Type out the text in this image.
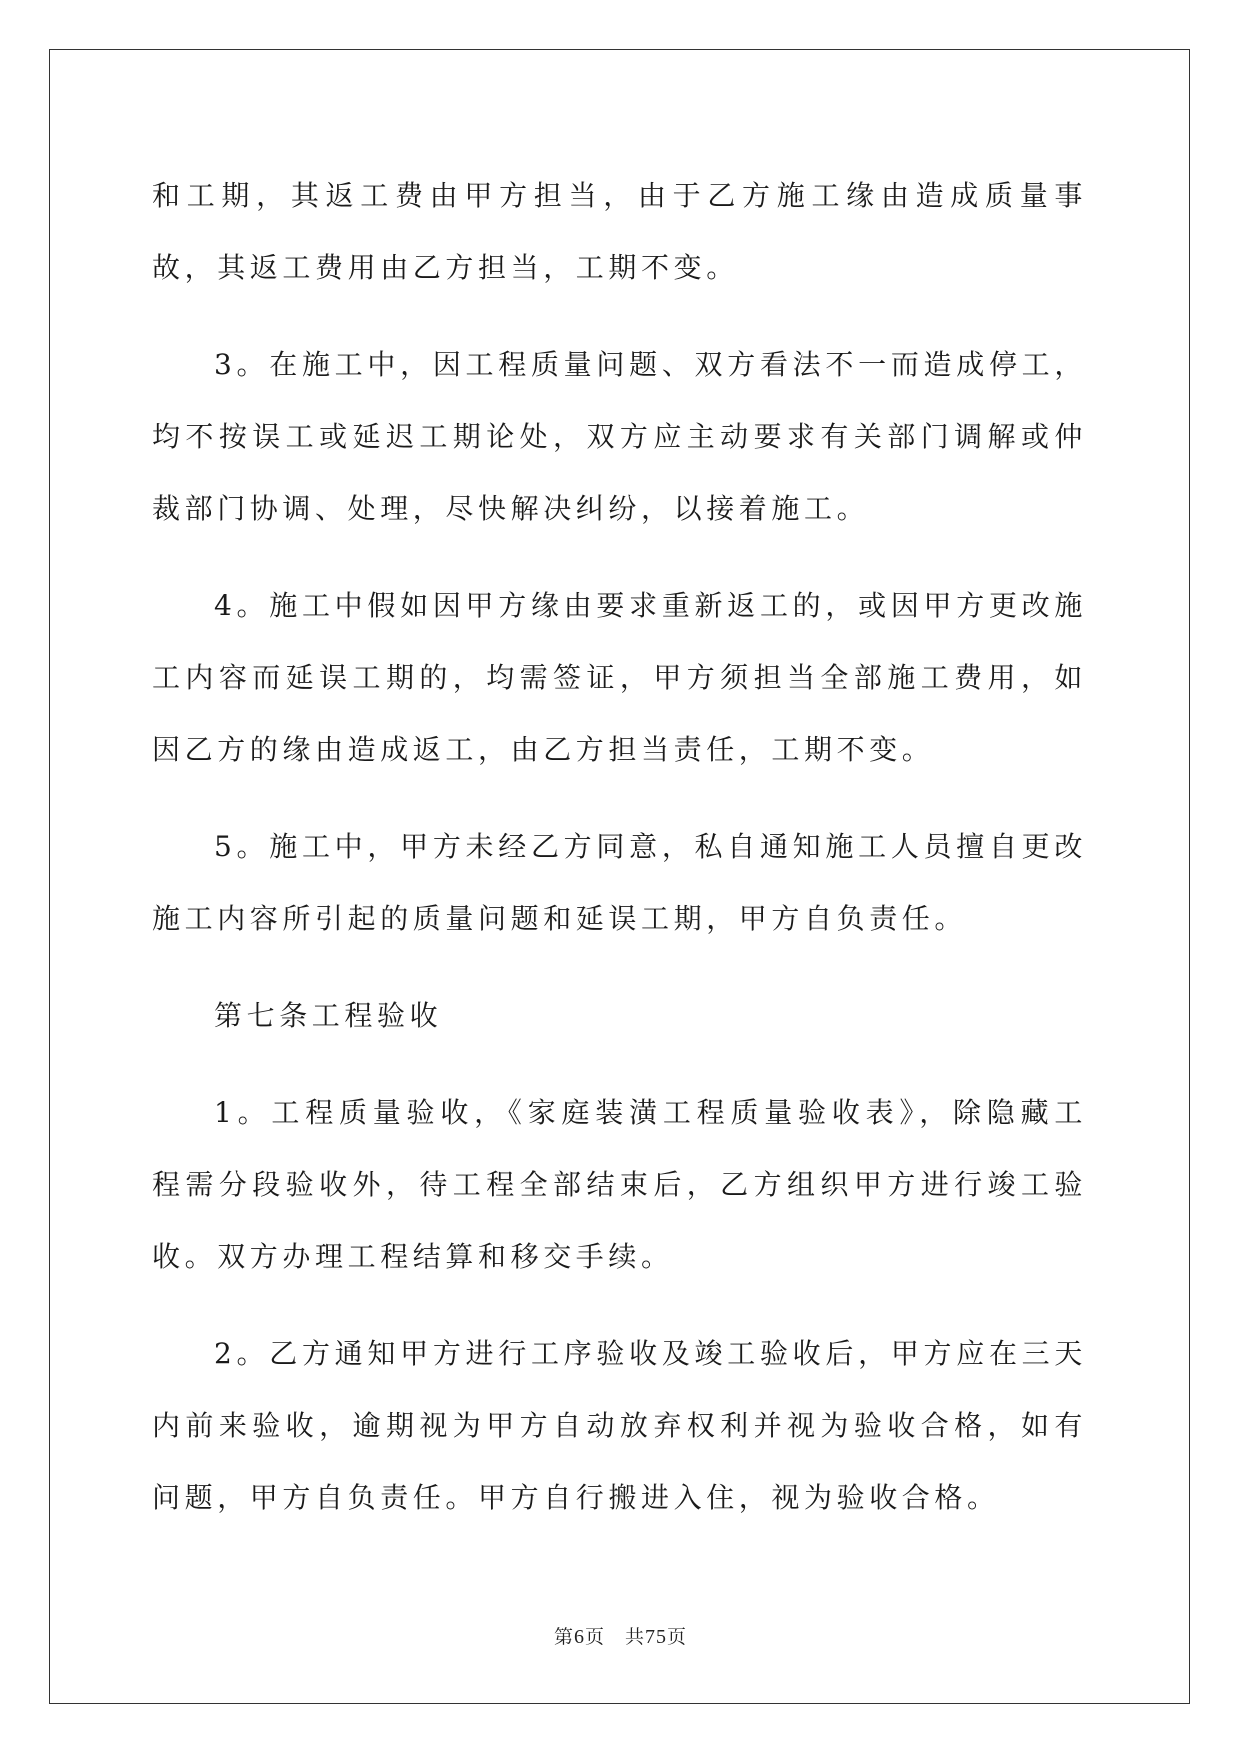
和工期，其返工费由甲方担当，由于乙方施工缘由造成质量事故，其返工费用由乙方担当，工期不变。

3。在施工中，因工程质量问题、双方看法不一而造成停工，均不按误工或延迟工期论处，双方应主动要求有关部门调解或仲裁部门协调、处理，尽快解决纠纷，以接着施工。

4。施工中假如因甲方缘由要求重新返工的，或因甲方更改施工内容而延误工期的，均需签证，甲方须担当全部施工费用，如因乙方的缘由造成返工，由乙方担当责任，工期不变。

5。施工中，甲方未经乙方同意，私自通知施工人员擅自更改施工内容所引起的质量问题和延误工期，甲方自负责任。

第七条工程验收

1。工程质量验收，《家庭装潢工程质量验收表》，除隐藏工程需分段验收外，待工程全部结束后，乙方组织甲方进行竣工验收。双方办理工程结算和移交手续。

2。乙方通知甲方进行工序验收及竣工验收后，甲方应在三天内前来验收，逾期视为甲方自动放弃权利并视为验收合格，如有问题，甲方自负责任。甲方自行搬进入住，视为验收合格。

第6页 共75页
